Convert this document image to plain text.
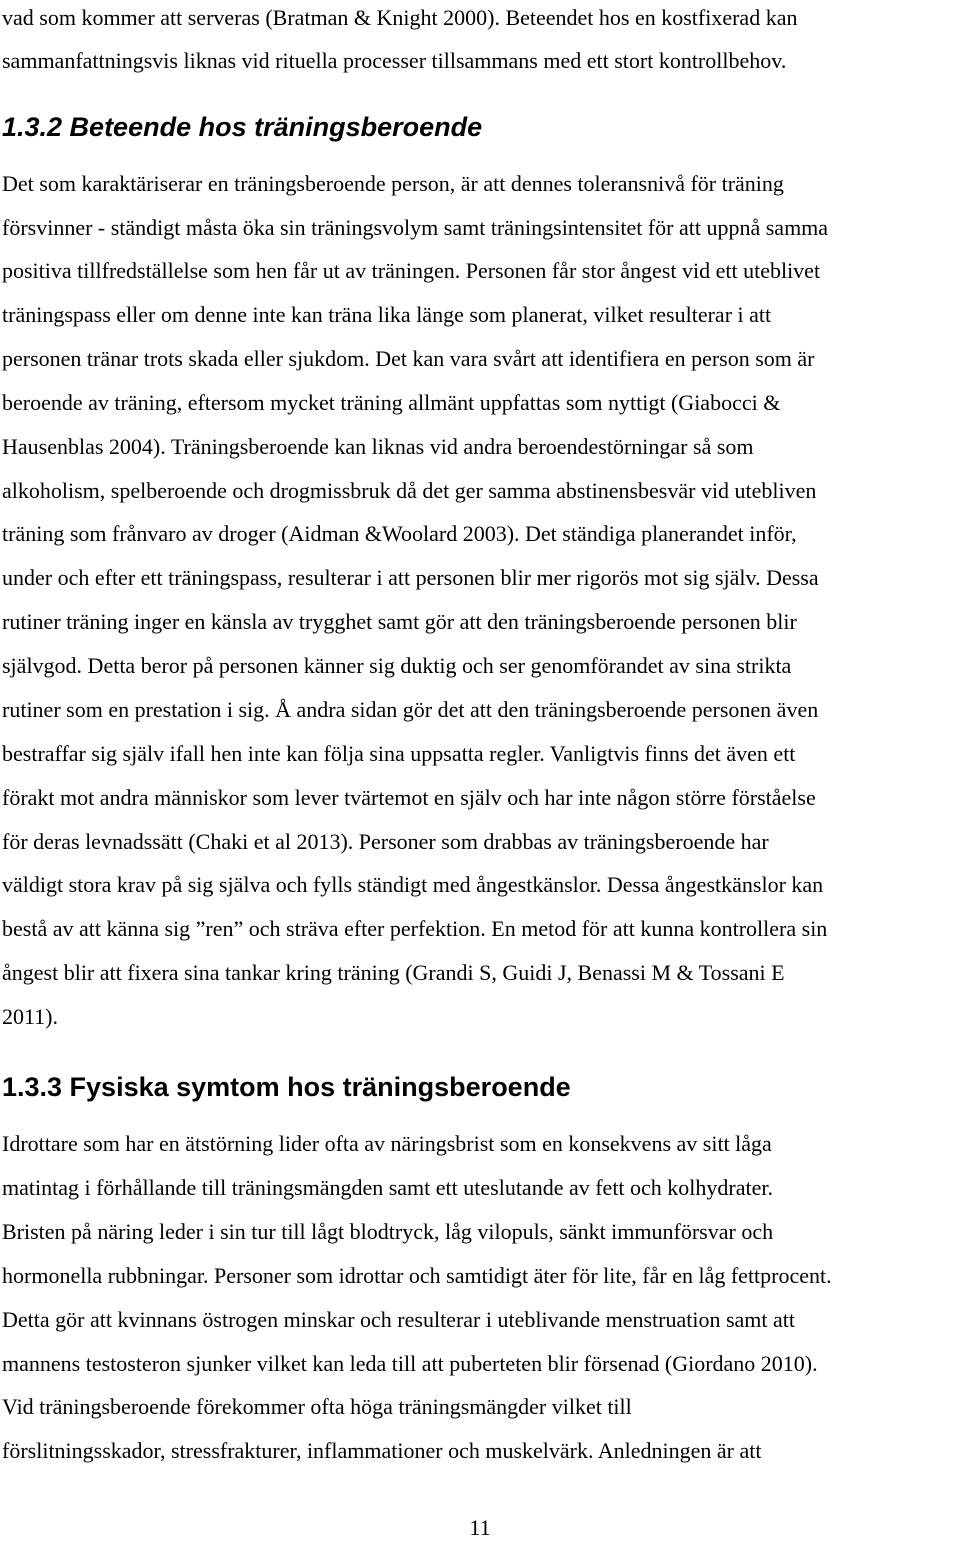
vad som kommer att serveras (Bratman & Knight 2000). Beteendet hos en kostfixerad kan
sammanfattningsvis liknas vid rituella processer tillsammans med ett stort kontrollbehov.
1.3.2 Beteende hos träningsberoende
Det som karaktäriserar en träningsberoende person, är att dennes toleransnivå för träning
försvinner - ständigt måsta öka sin träningsvolym samt träningsintensitet för att uppnå samma
positiva tillfredställelse som hen får ut av träningen. Personen får stor ångest vid ett uteblivet
träningspass eller om denne inte kan träna lika länge som planerat, vilket resulterar i att
personen tränar trots skada eller sjukdom. Det kan vara svårt att identifiera en person som är
beroende av träning, eftersom mycket träning allmänt uppfattas som nyttigt (Giabocci &
Hausenblas 2004). Träningsberoende kan liknas vid andra beroendestörningar så som
alkoholism, spelberoende och drogmissbruk då det ger samma abstinensbesvär vid utebliven
träning som frånvaro av droger (Aidman &Woolard 2003). Det ständiga planerandet inför,
under och efter ett träningspass, resulterar i att personen blir mer rigorös mot sig själv. Dessa
rutiner träning inger en känsla av trygghet samt gör att den träningsberoende personen blir
självgod. Detta beror på personen känner sig duktig och ser genomförandet av sina strikta
rutiner som en prestation i sig. Å andra sidan gör det att den träningsberoende personen även
bestraffar sig själv ifall hen inte kan följa sina uppsatta regler. Vanligtvis finns det även ett
förakt mot andra människor som lever tvärtemot en själv och har inte någon större förståelse
för deras levnadssätt (Chaki et al 2013). Personer som drabbas av träningsberoende har
väldigt stora krav på sig själva och fylls ständigt med ångestkänslor. Dessa ångestkänslor kan
bestå av att känna sig ”ren” och sträva efter perfektion. En metod för att kunna kontrollera sin
ångest blir att fixera sina tankar kring träning (Grandi S, Guidi J, Benassi M & Tossani E
2011).
1.3.3 Fysiska symtom hos träningsberoende
Idrottare som har en ätstörning lider ofta av näringsbrist som en konsekvens av sitt låga
matintag i förhållande till träningsmängden samt ett uteslutande av fett och kolhydrater.
Bristen på näring leder i sin tur till lågt blodtryck, låg vilopuls, sänkt immunförsvar och
hormonella rubbningar. Personer som idrottar och samtidigt äter för lite, får en låg fettprocent.
Detta gör att kvinnans östrogen minskar och resulterar i uteblivande menstruation samt att
mannens testosteron sjunker vilket kan leda till att puberteten blir försenad (Giordano 2010).
Vid träningsberoende förekommer ofta höga träningsmängder vilket till
förslitningsskador, stressfrakturer, inflammationer och muskelvärk. Anledningen är att
11
